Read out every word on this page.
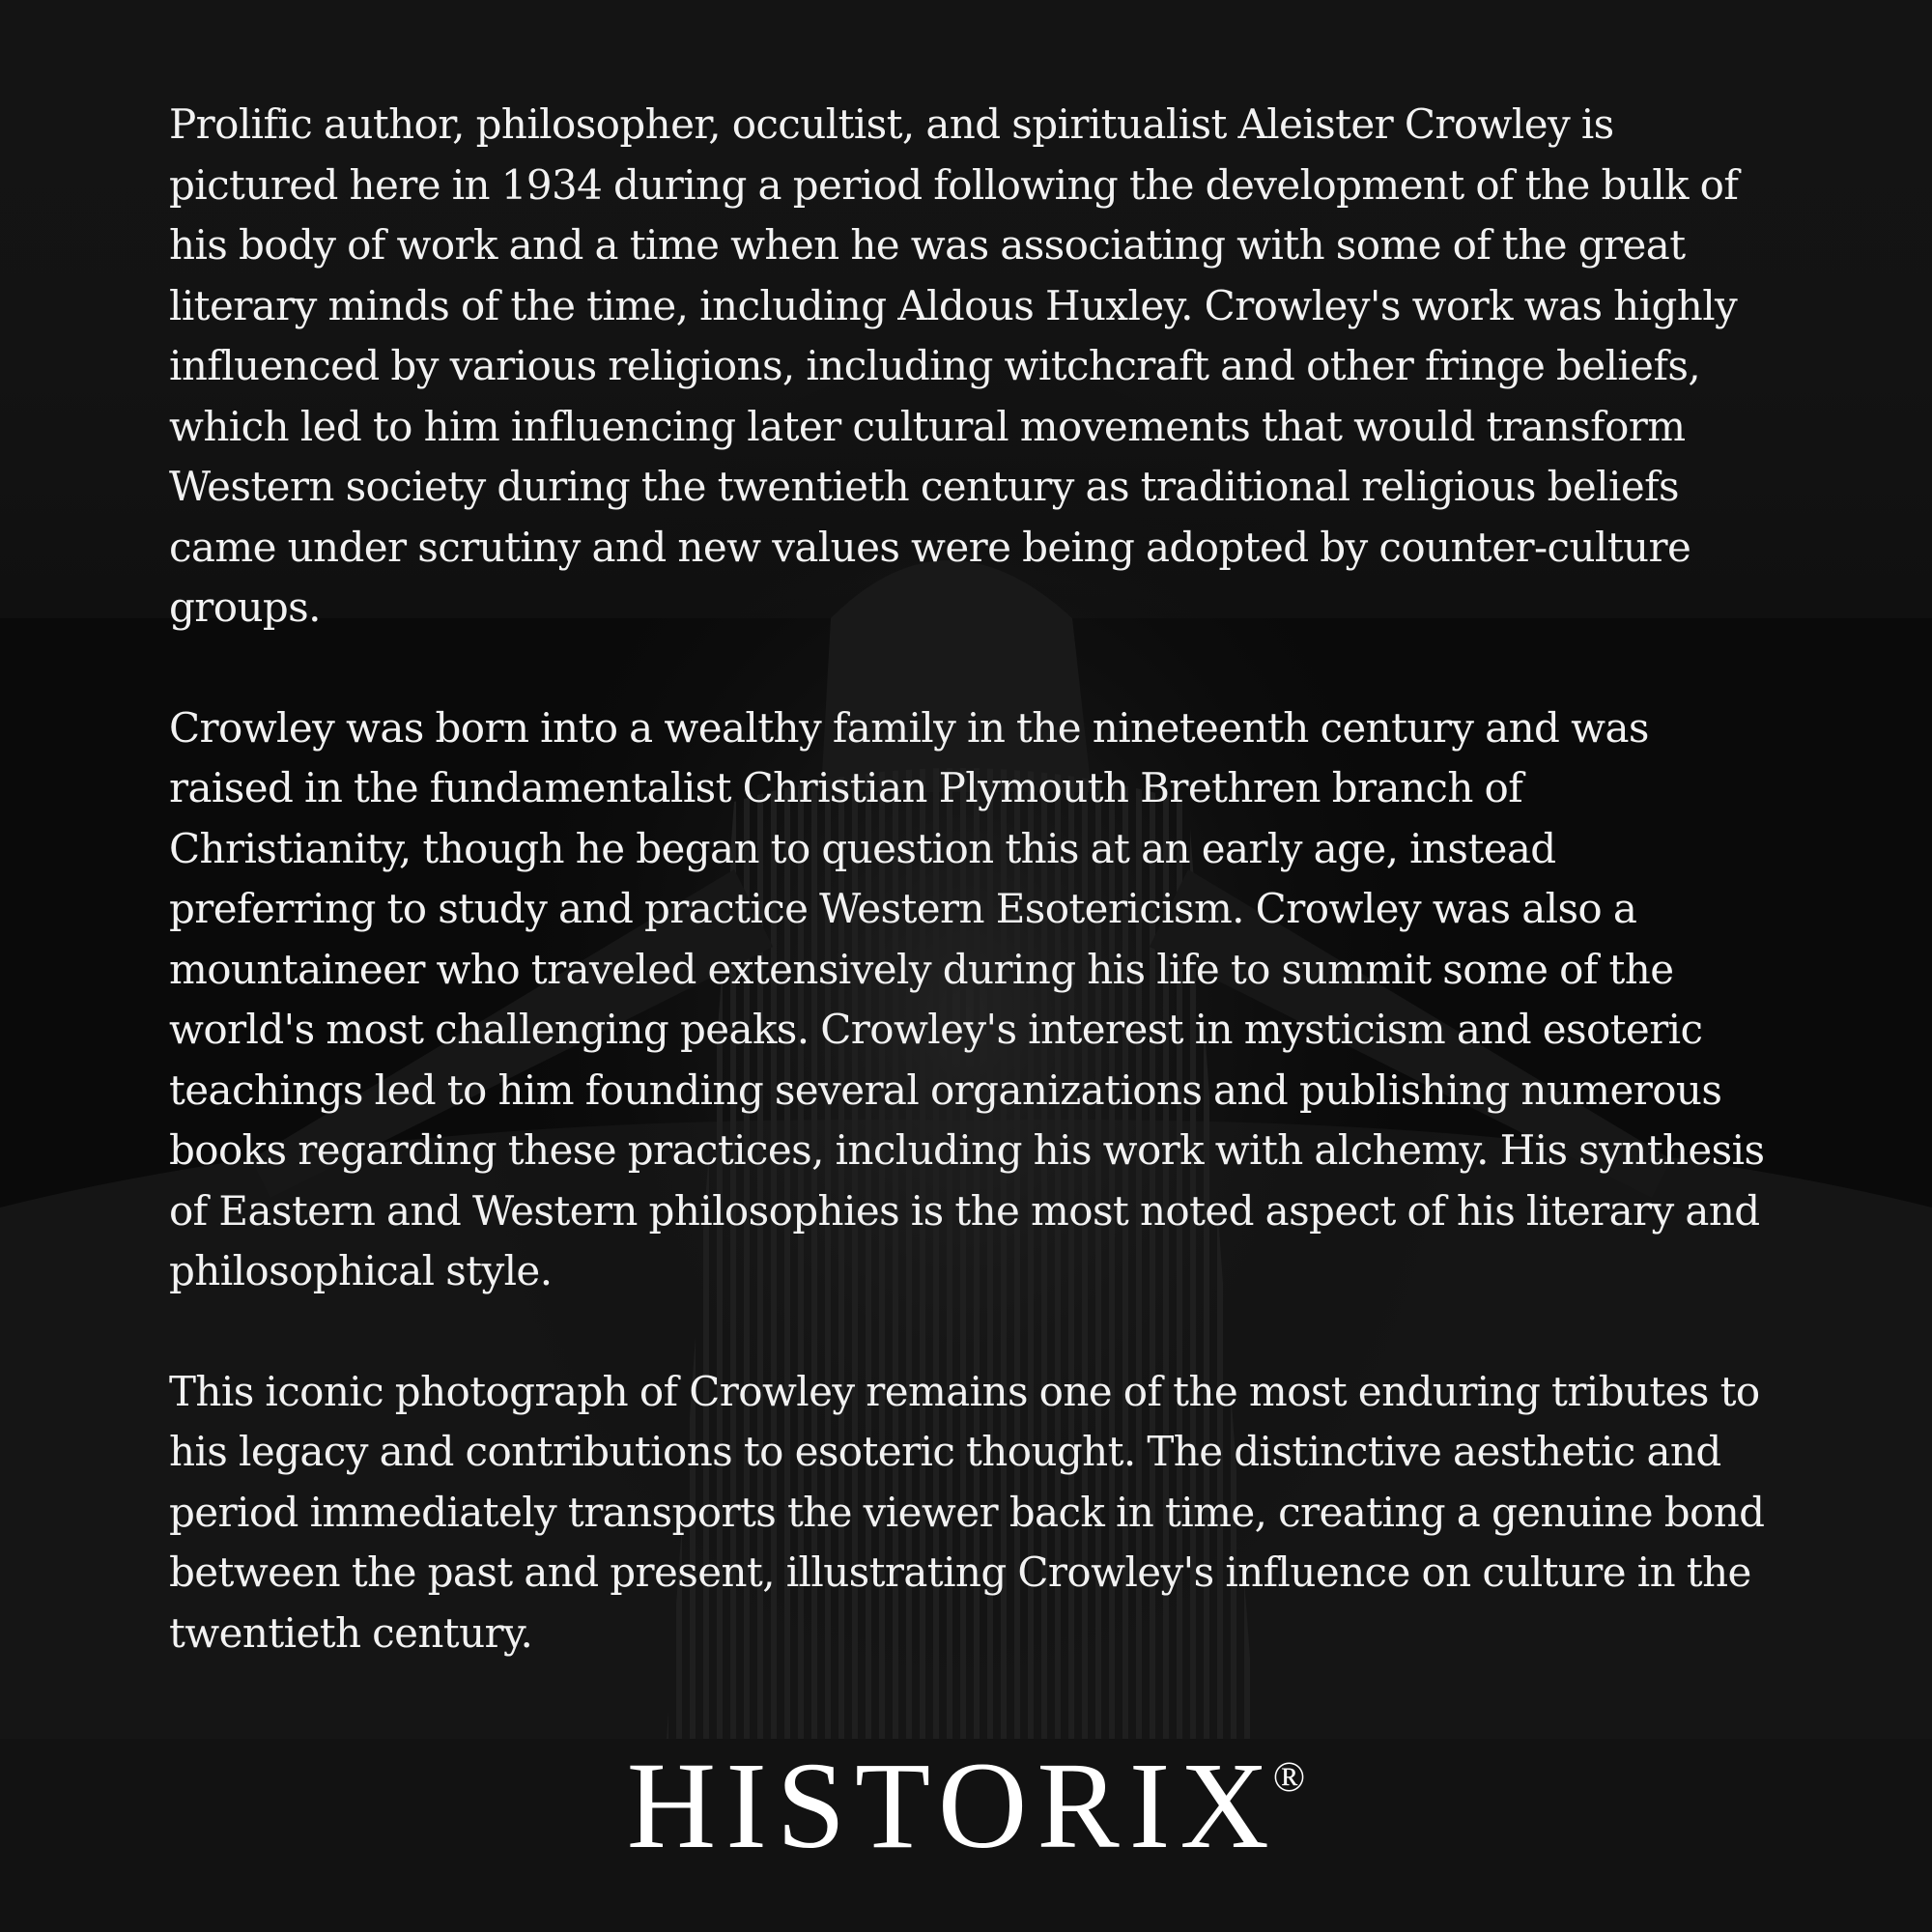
Prolific author, philosopher, occultist, and spiritualist Aleister Crowley is pictured here in 1934 during a period following the development of the bulk of his body of work and a time when he was associating with some of the great literary minds of the time, including Aldous Huxley. Crowley's work was highly influenced by various religions, including witchcraft and other fringe beliefs, which led to him influencing later cultural movements that would transform Western society during the twentieth century as traditional religious beliefs came under scrutiny and new values were being adopted by counter-culture groups.

Crowley was born into a wealthy family in the nineteenth century and was raised in the fundamentalist Christian Plymouth Brethren branch of Christianity, though he began to question this at an early age, instead preferring to study and practice Western Esotericism. Crowley was also a mountaineer who traveled extensively during his life to summit some of the world's most challenging peaks. Crowley's interest in mysticism and esoteric teachings led to him founding several organizations and publishing numerous books regarding these practices, including his work with alchemy. His synthesis of Eastern and Western philosophies is the most noted aspect of his literary and philosophical style.

This iconic photograph of Crowley remains one of the most enduring tributes to his legacy and contributions to esoteric thought. The distinctive aesthetic and period immediately transports the viewer back in time, creating a genuine bond between the past and present, illustrating Crowley's influence on culture in the twentieth century.

HISTORIX®
